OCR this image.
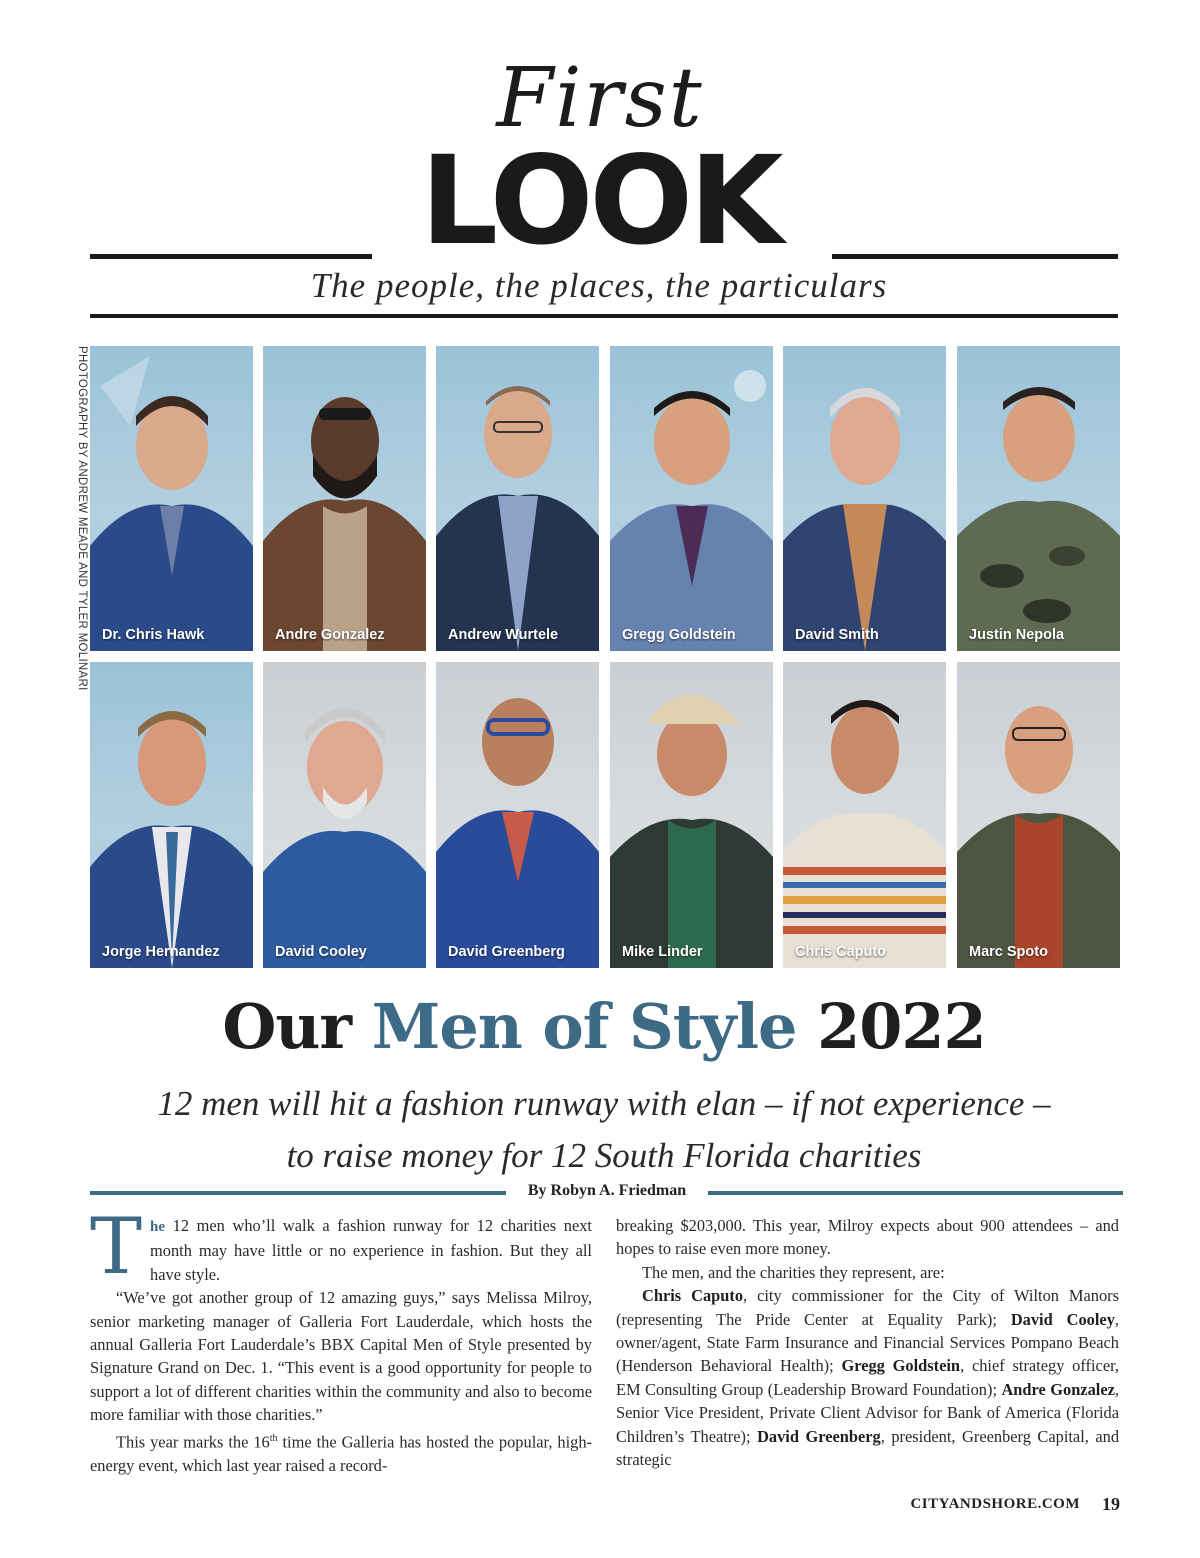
First
LOOK
The people, the places, the particulars
PHOTOGRAPHY BY ANDREW MEADE AND TYLER MOLINARI Dr. Chris Hawk	Andre Gonzalez	Andrew Wurtele	Gregg Goldstein	David Smith	Justin Nepola
Jorge Hernandez	David Cooley	David Greenberg	Mike Linder	Chris Caputo	Marc Spoto
Our Men of Style 2022
12 men will hit a fashion runway with elan – if not experience –
to raise money for 12 South Florida charities
By Robyn A. Friedman

The 12 men who’ll walk a fashion runway for 12 charities next month may have little or no experience in fashion. But they all have style.

“We’ve got another group of 12 amazing guys,” says Melissa Milroy, senior marketing manager of Galleria Fort Lauderdale, which hosts the annual Galleria Fort Lauderdale’s BBX Capital Men of Style presented by Signature Grand on Dec. 1. “This event is a good opportunity for people to support a lot of different charities within the community and also to become more familiar with those charities.”

This year marks the 16th time the Galleria has hosted the popular, high-energy event, which last year raised a record-

breaking $203,000. This year, Milroy expects about 900 attendees – and hopes to raise even more money.

The men, and the charities they represent, are:

Chris Caputo, city commissioner for the City of Wilton Manors (representing The Pride Center at Equality Park); David Cooley, owner/agent, State Farm Insurance and Financial Services Pompano Beach (Henderson Behavioral Health); Gregg Goldstein, chief strategy officer, EM Consulting Group (Leadership Broward Foundation); Andre Gonzalez, Senior Vice President, Private Client Advisor for Bank of America (Florida Children’s Theatre); David Greenberg, president, Greenberg Capital, and strategic

CITYANDSHORE.COM	19
